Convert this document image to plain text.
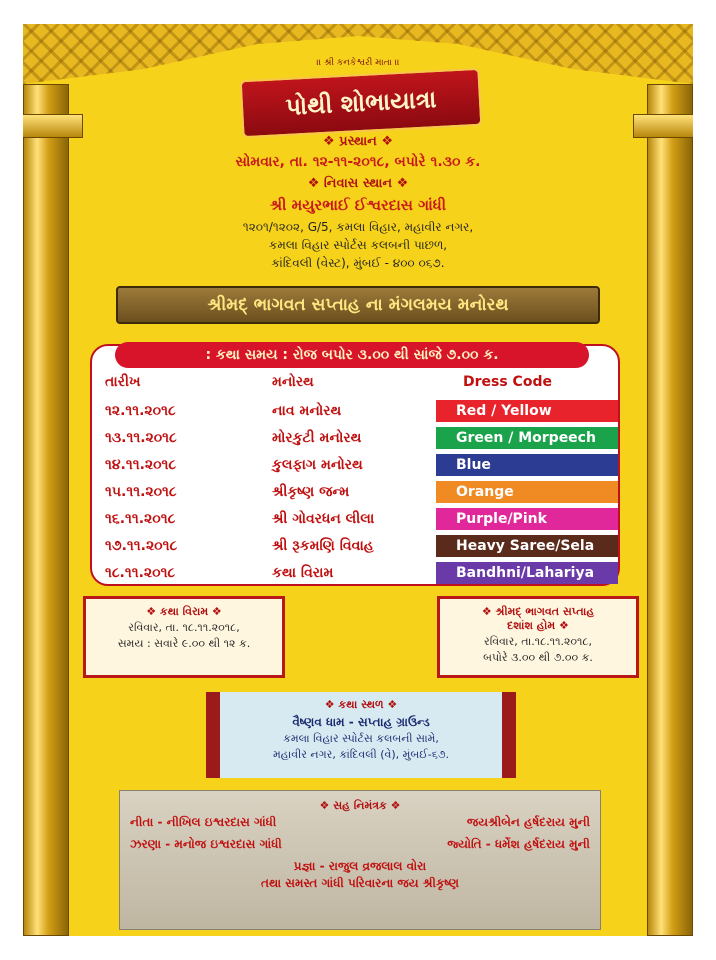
।। શ્રી કનકેશ્વરી માતા ।।
પોથી શોભાયાત્રા
❖ પ્રસ્થાન ❖
સોમવાર, તા. ૧૨-૧૧-૨૦૧૮, બપોરે ૧.૩૦ ક.
❖ નિવાસ સ્થાન ❖
શ્રી મયુરભાઈ ઈશ્વરદાસ ગાંધી
૧૨૦૧/૧૨૦૨, G/5, કમલા વિહાર, મહાવીર નગર,
કમલા વિહાર સ્પોર્ટસ કલબની પાછળ,
કાંદિવલી (વેસ્ટ), મુંબઈ - ૪૦૦ ૦૬૭.
શ્રીમદ્ ભાગવત સપ્તાહ ના મંગલમય મનોરથ
: કથા સમય : રોજ બપોર ૩.૦૦ થી સાંજે ૭.૦૦ ક.
તારીખ	મનોરથ	Dress Code
❖ કથા વિરામ ❖
રવિવાર, તા. ૧૮.૧૧.૨૦૧૮,
સમય : સવારે ૯.૦૦ થી ૧૨ ક.
❖ શ્રીમદ્ ભાગવત સપ્તાહ
દશાંશ હોમ ❖
રવિવાર, તા.૧૮.૧૧.૨૦૧૮,
બપોરે ૩.૦૦ થી ૭.૦૦ ક.
❖ કથા સ્થળ ❖
વૈષ્ણવ ધામ - સપ્તાહ ગ્રાઉન્ડ
કમલા વિહાર સ્પોર્ટસ કલબની સામે,
મહાવીર નગર, કાંદિવલી (વે), મુંબઈ-૬૭.
❖ સહ નિમંત્રક ❖
નીતા - નીખિલ ઇશ્વરદાસ ગાંધી	જયશ્રીબેન હર્ષદરાય મુની
ઝરણા - મનોજ ઇશ્વરદાસ ગાંધી	જ્યોતિ - ધર્મેશ હર્ષદરાય મુની
પ્રજ્ઞા - રાજુલ વ્રજલાલ વોરા
તથા સમસ્ત ગાંધી પરિવારના જય શ્રીકૃષ્ણ
૧૨.૧૧.૨૦૧૮	નાવ મનોરથ	Red / Yellow
૧૩.૧૧.૨૦૧૮	મોરકુટી મનોરથ	Green / Morpeech
૧૪.૧૧.૨૦૧૮	કુલફાગ મનોરથ	Blue
૧૫.૧૧.૨૦૧૮	શ્રીકૃષ્ણ જન્મ	Orange
૧૬.૧૧.૨૦૧૮	શ્રી ગોવરધન લીલા	Purple/Pink
૧૭.૧૧.૨૦૧૮	શ્રી રૂકમણિ વિવાહ	Heavy Saree/Sela
૧૮.૧૧.૨૦૧૮	કથા વિરામ	Bandhni/Lahariya
